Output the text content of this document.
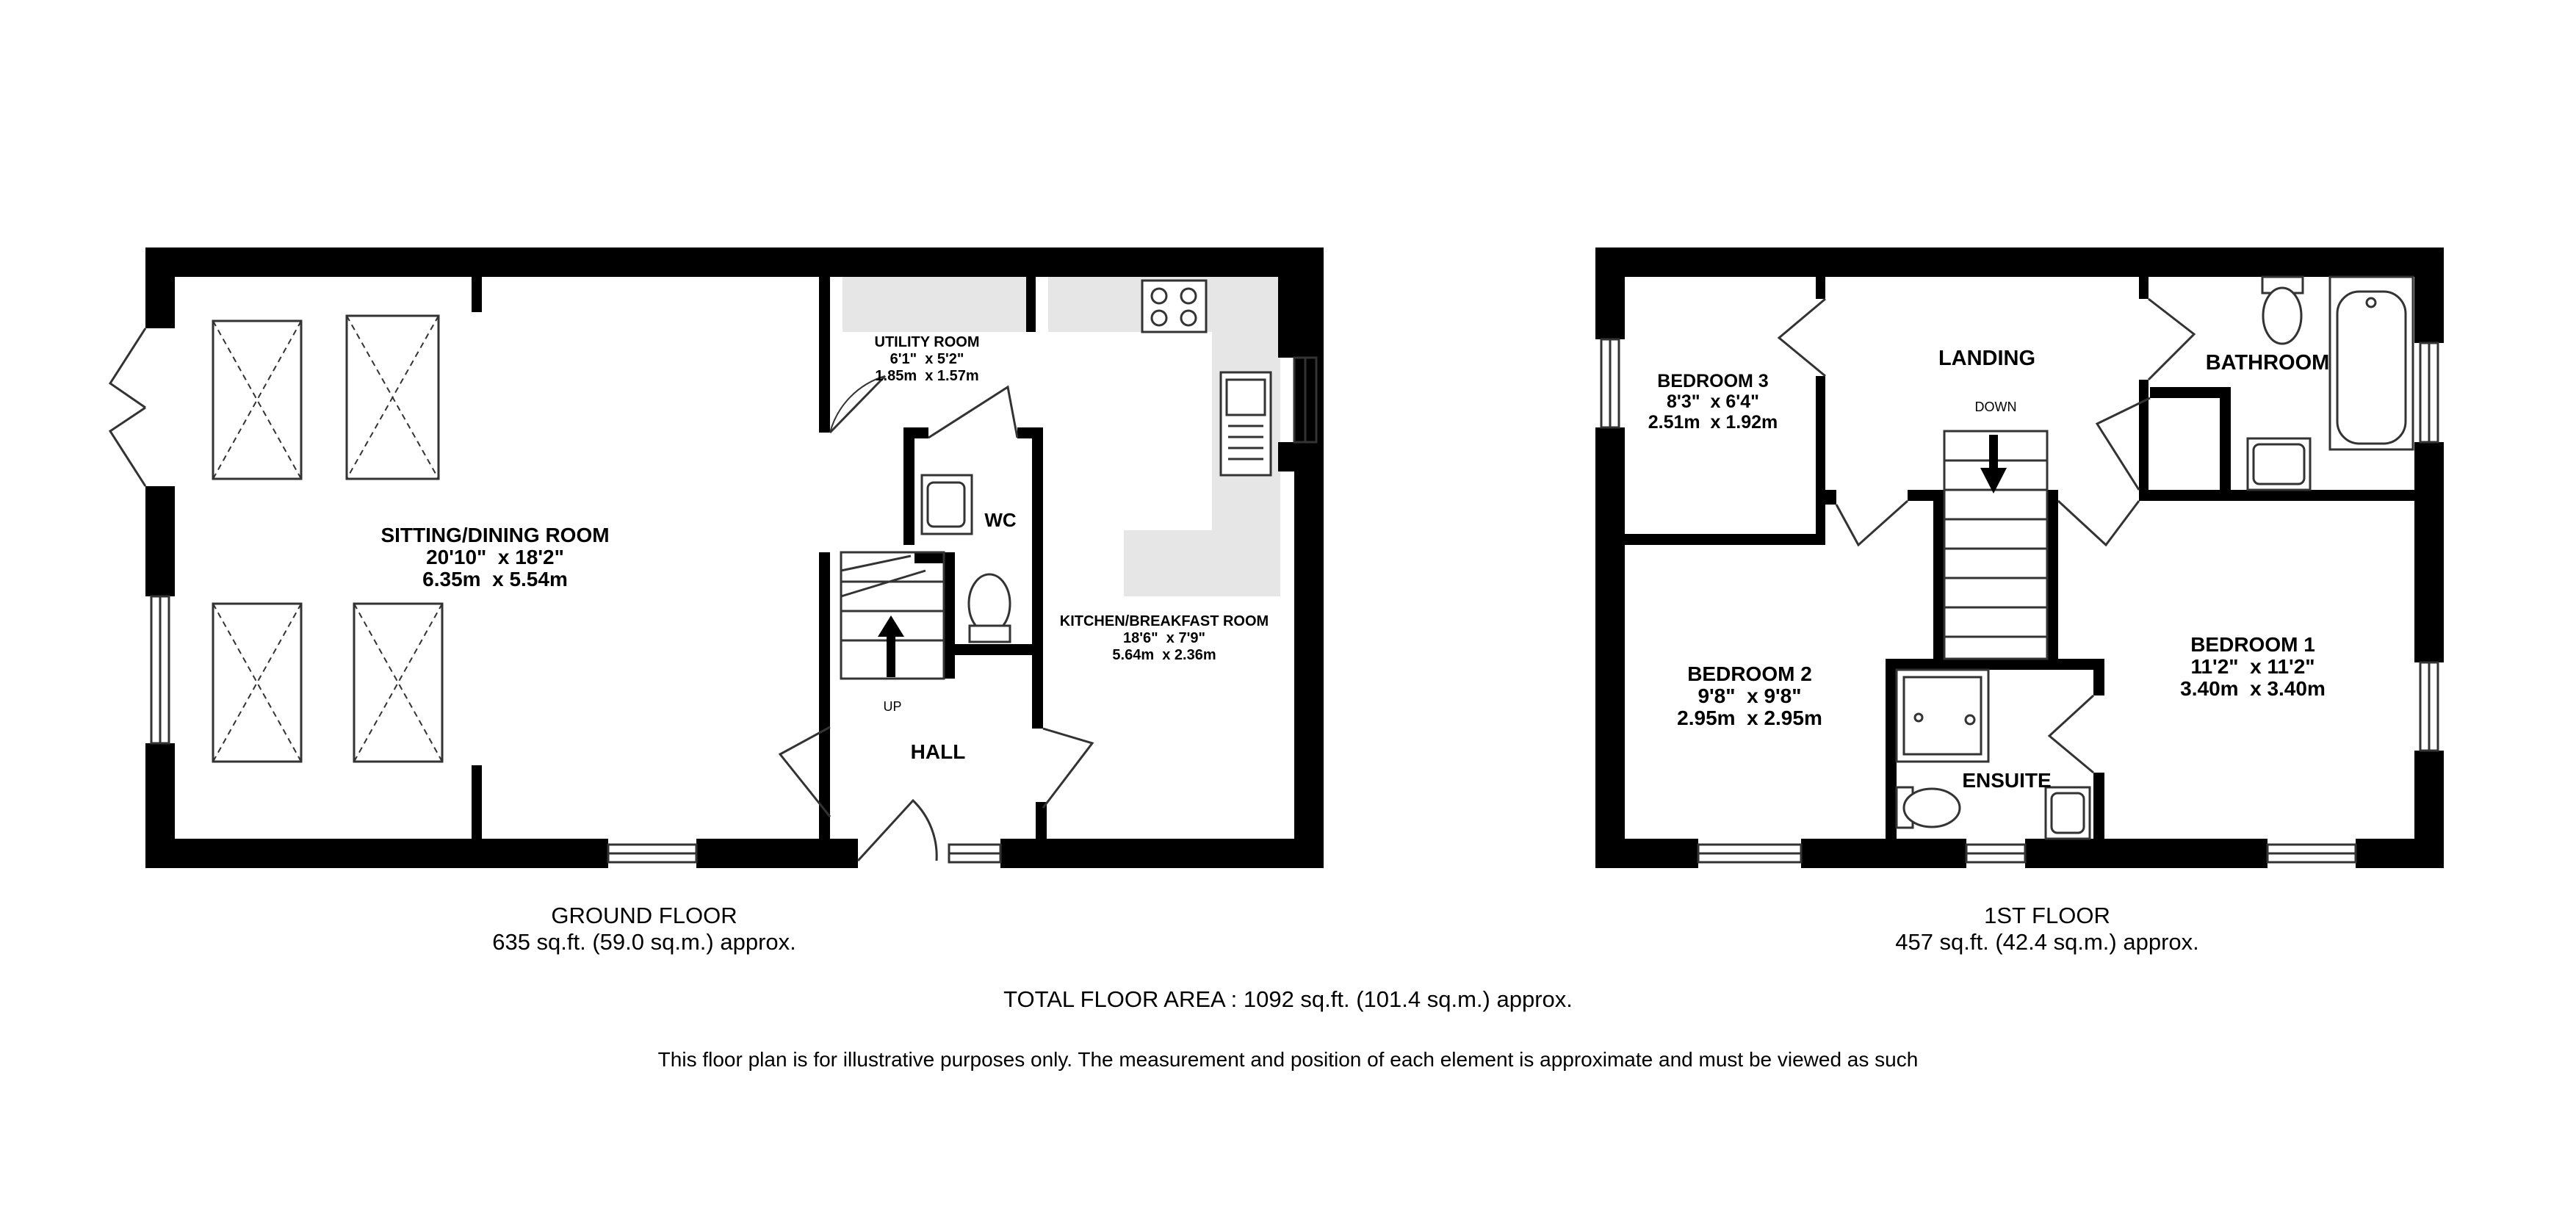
SITTING/DINING ROOM
20'10"  x 18'2"
6.35m  x 5.54m
UTILITY ROOM
6'1"  x 5'2"
1.85m  x 1.57m
WC
KITCHEN/BREAKFAST ROOM
18'6"  x 7'9"
5.64m  x 2.36m
HALL
UP
BEDROOM 3
8'3"  x 6'4"
2.51m  x 1.92m
LANDING
DOWN
BATHROOM
BEDROOM 2
9'8"  x 9'8"
2.95m  x 2.95m
BEDROOM 1
11'2"  x 11'2"
3.40m  x 3.40m
ENSUITE
GROUND FLOOR
635 sq.ft. (59.0 sq.m.) approx.
1ST FLOOR
457 sq.ft. (42.4 sq.m.) approx.
TOTAL FLOOR AREA : 1092 sq.ft. (101.4 sq.m.) approx.
This floor plan is for illustrative purposes only. The measurement and position of each element is approximate and must be viewed as such
